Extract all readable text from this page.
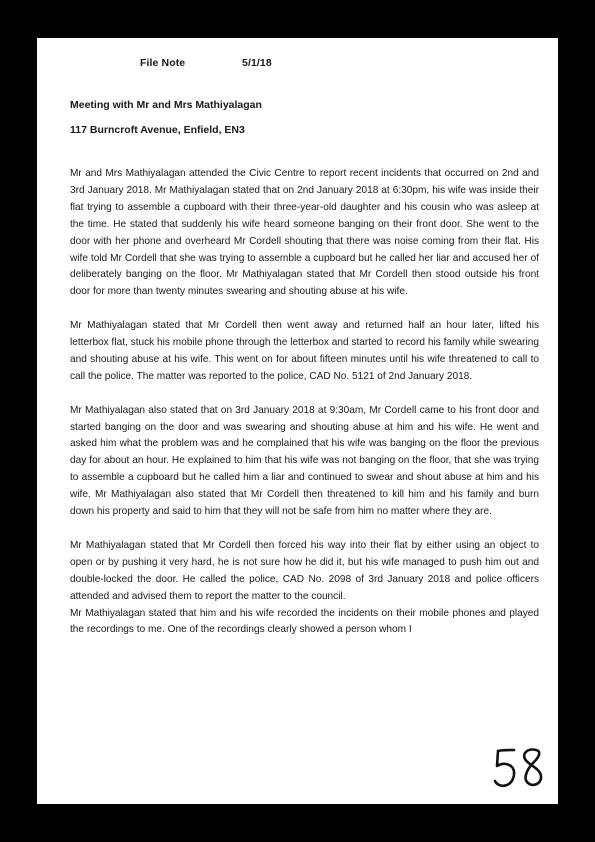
File Note	5/1/18
Meeting with Mr and Mrs Mathiyalagan
117 Burncroft Avenue, Enfield, EN3

Mr and Mrs Mathiyalagan attended the Civic Centre to report recent incidents that occurred on 2nd and 3rd January 2018. Mr Mathiyalagan stated that on 2nd January 2018 at 6:30pm, his wife was inside their flat trying to assemble a cupboard with their three-year-old daughter and his cousin who was asleep at the time. He stated that suddenly his wife heard someone banging on their front door. She went to the door with her phone and overheard Mr Cordell shouting that there was noise coming from their flat. His wife told Mr Cordell that she was trying to assemble a cupboard but he called her liar and accused her of deliberately banging on the floor. Mr Mathiyalagan stated that Mr Cordell then stood outside his front door for more than twenty minutes swearing and shouting abuse at his wife.

Mr Mathiyalagan stated that Mr Cordell then went away and returned half an hour later, lifted his letterbox flat, stuck his mobile phone through the letterbox and started to record his family while swearing and shouting abuse at his wife. This went on for about fifteen minutes until his wife threatened to call to call the police. The matter was reported to the police, CAD No. 5121 of 2nd January 2018.

Mr Mathiyalagan also stated that on 3rd January 2018 at 9:30am, Mr Cordell came to his front door and started banging on the door and was swearing and shouting abuse at him and his wife. He went and asked him what the problem was and he complained that his wife was banging on the floor the previous day for about an hour. He explained to him that his wife was not banging on the floor, that she was trying to assemble a cupboard but he called him a liar and continued to swear and shout abuse at him and his wife. Mr Mathiyalagan also stated that Mr Cordell then threatened to kill him and his family and burn down his property and said to him that they will not be safe from him no matter where they are.

Mr Mathiyalagan stated that Mr Cordell then forced his way into their flat by either using an object to open or by pushing it very hard, he is not sure how he did it, but his wife managed to push him out and double-locked the door. He called the police, CAD No. 2098 of 3rd January 2018 and police officers attended and advised them to report the matter to the council.

Mr Mathiyalagan stated that him and his wife recorded the incidents on their mobile phones and played the recordings to me. One of the recordings clearly showed a person whom I
